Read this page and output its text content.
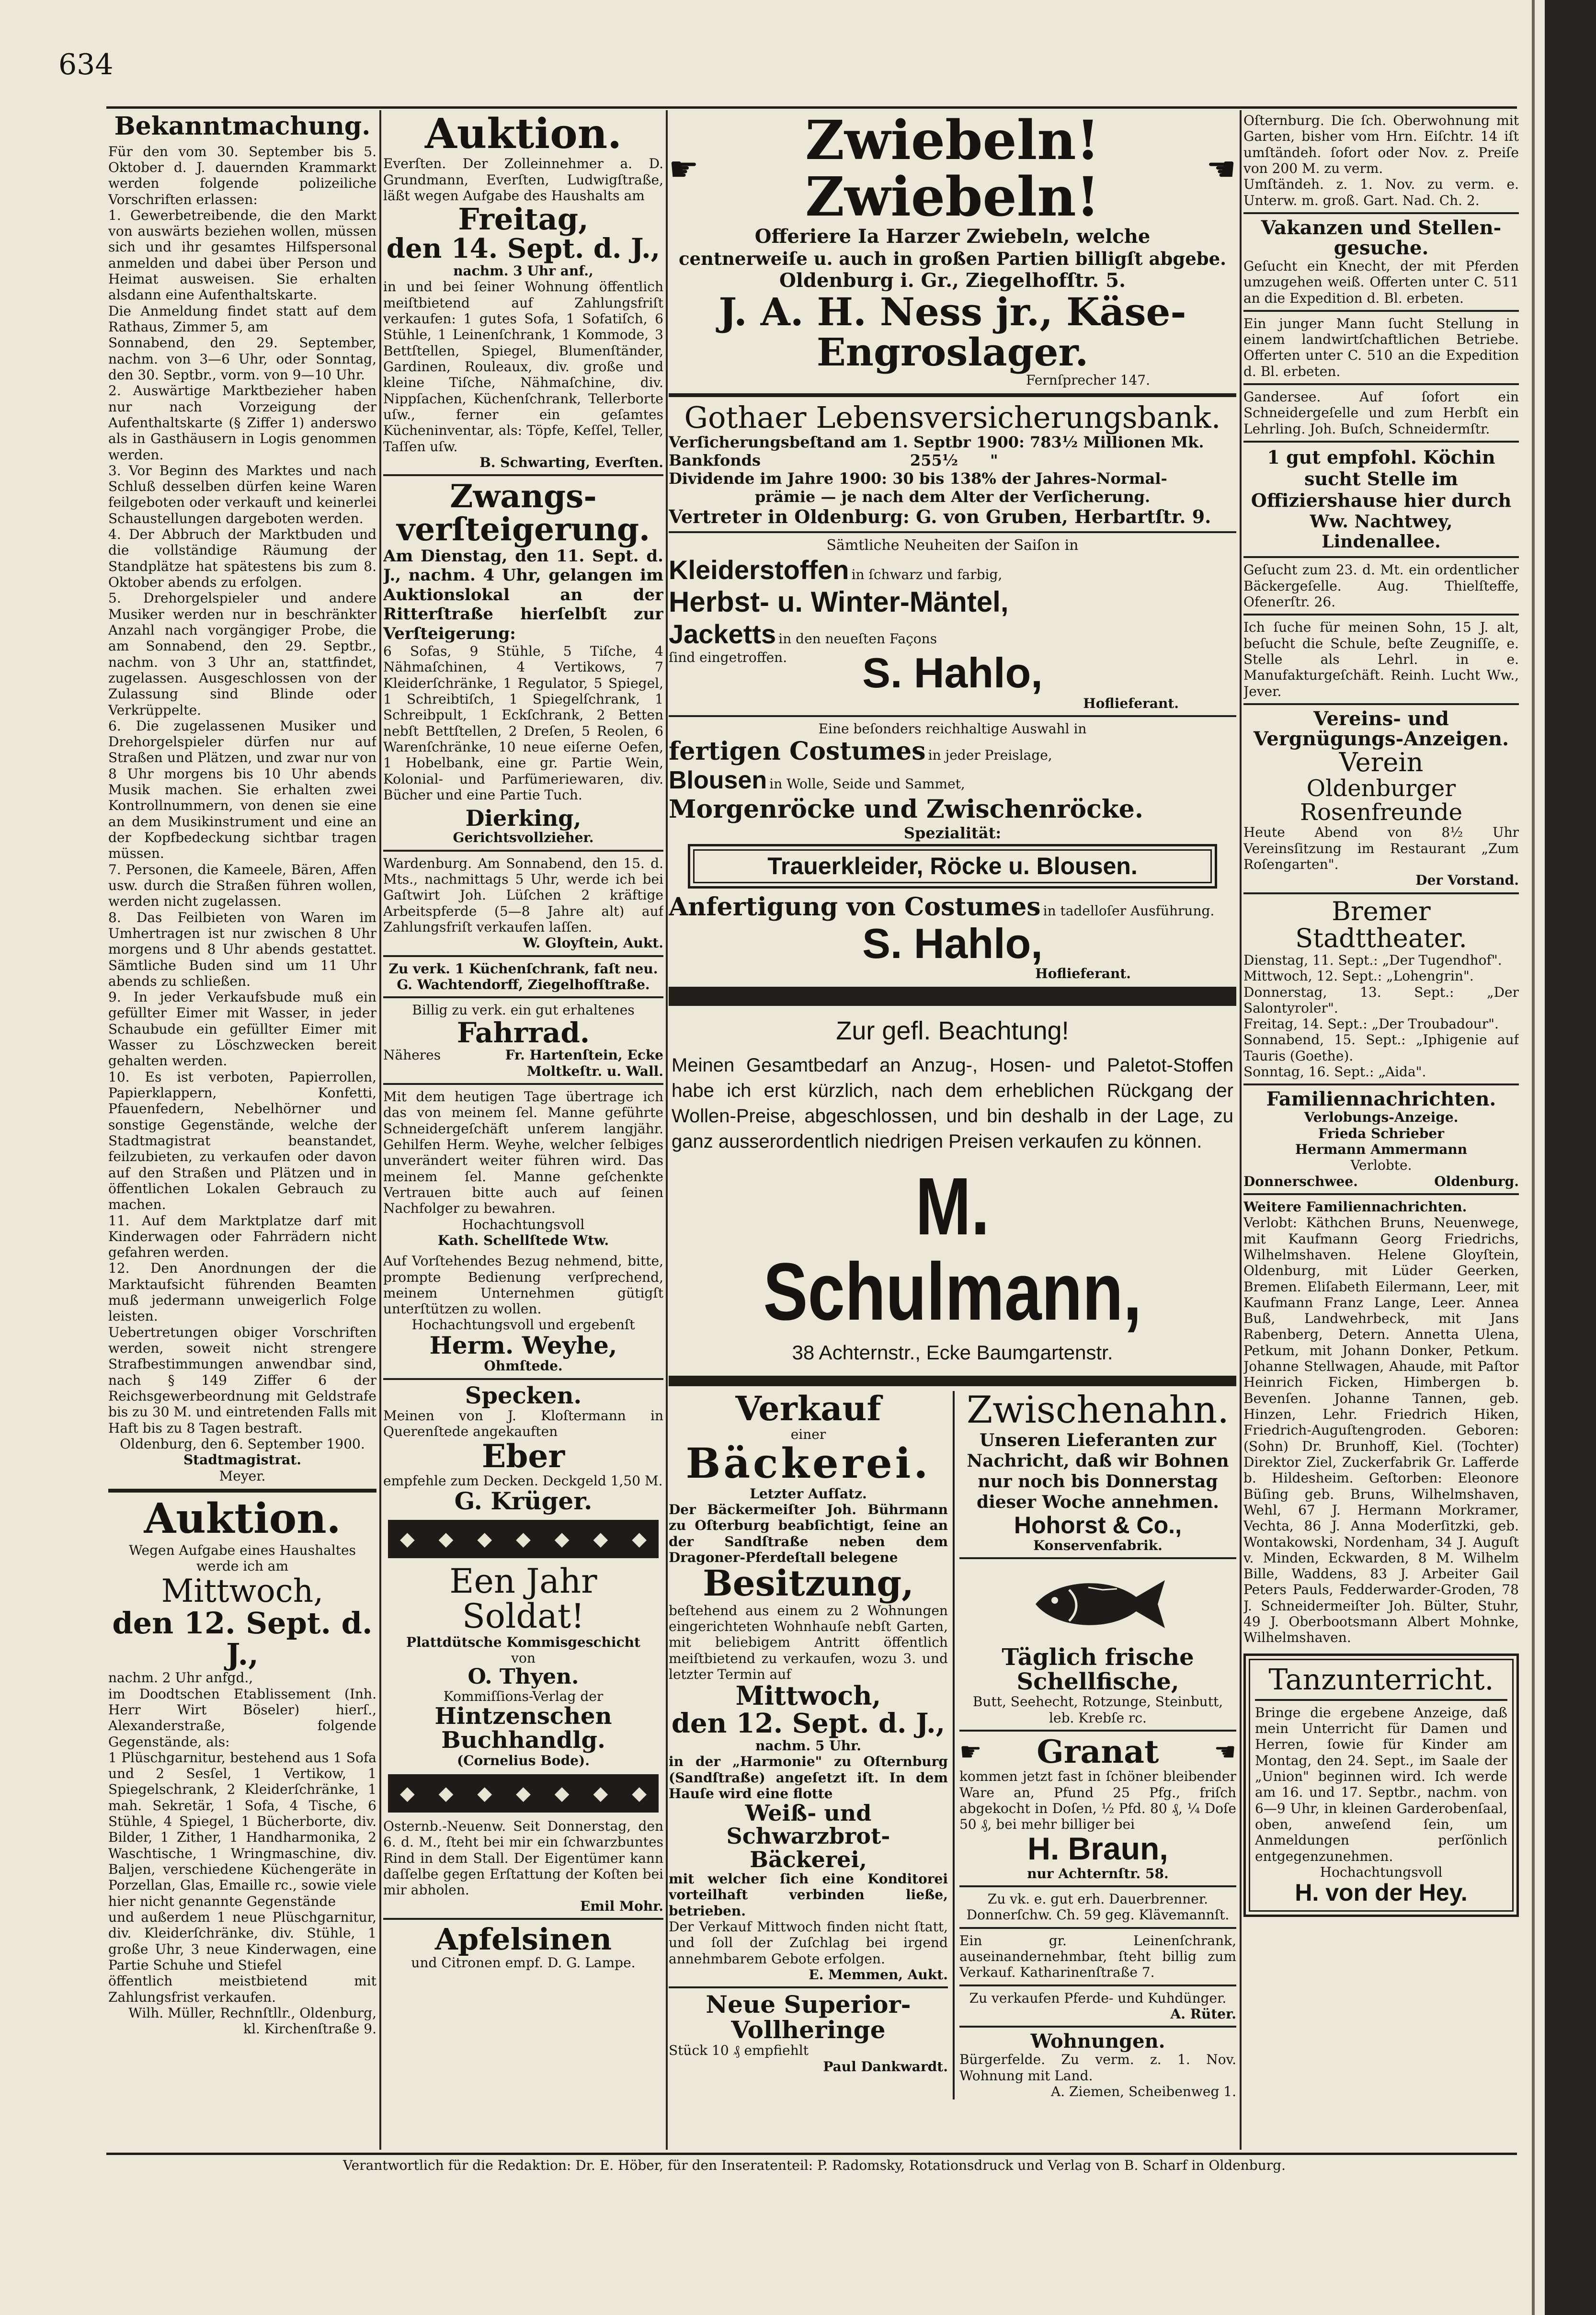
634
Verantwortlich für die Redaktion: Dr. E. Höber, für den Inseratenteil: P. Radomsky, Rotationsdruck und Verlag von B. Scharf in Oldenburg.
Bekanntmachung.

Für den vom 30. September bis 5. Oktober d. J. dauernden Krammarkt werden folgende polizeiliche Vorschriften erlassen:

1. Gewerbetreibende, die den Markt von auswärts beziehen wollen, müssen sich und ihr gesamtes Hilfspersonal anmelden und dabei über Person und Heimat ausweisen. Sie erhalten alsdann eine Aufenthaltskarte.

Die Anmeldung findet statt auf dem Rathaus, Zimmer 5, am

Sonnabend, den 29. September, nachm. von 3—6 Uhr, oder Sonntag, den 30. Septbr., vorm. von 9—10 Uhr.

2. Auswärtige Marktbezieher haben nur nach Vorzeigung der Aufenthaltskarte (§ Ziffer 1) anderswo als in Gasthäusern in Logis genommen werden.

3. Vor Beginn des Marktes und nach Schluß desselben dürfen keine Waren feilgeboten oder verkauft und keinerlei Schaustellungen dargeboten werden.

4. Der Abbruch der Marktbuden und die vollständige Räumung der Standplätze hat spätestens bis zum 8. Oktober abends zu erfolgen.

5. Drehorgelspieler und andere Musiker werden nur in beschränkter Anzahl nach vorgängiger Probe, die am Sonnabend, den 29. Septbr., nachm. von 3 Uhr an, stattfindet, zugelassen. Ausgeschlossen von der Zulassung sind Blinde oder Verkrüppelte.

6. Die zugelassenen Musiker und Drehorgelspieler dürfen nur auf Straßen und Plätzen, und zwar nur von 8 Uhr morgens bis 10 Uhr abends Musik machen. Sie erhalten zwei Kontrollnummern, von denen sie eine an dem Musikinstrument und eine an der Kopfbedeckung sichtbar tragen müssen.

7. Personen, die Kameele, Bären, Affen usw. durch die Straßen führen wollen, werden nicht zugelassen.

8. Das Feilbieten von Waren im Umhertragen ist nur zwischen 8 Uhr morgens und 8 Uhr abends gestattet. Sämtliche Buden sind um 11 Uhr abends zu schließen.

9. In jeder Verkaufsbude muß ein gefüllter Eimer mit Wasser, in jeder Schaubude ein gefüllter Eimer mit Wasser zu Löschzwecken bereit gehalten werden.

10. Es ist verboten, Papierrollen, Papierklappern, Konfetti, Pfauenfedern, Nebelhörner und sonstige Gegenstände, welche der Stadtmagistrat beanstandet, feilzubieten, zu verkaufen oder davon auf den Straßen und Plätzen und in öffentlichen Lokalen Gebrauch zu machen.

11. Auf dem Marktplatze darf mit Kinderwagen oder Fahrrädern nicht gefahren werden.

12. Den Anordnungen der die Marktaufsicht führenden Beamten muß jedermann unweigerlich Folge leisten.

Uebertretungen obiger Vorschriften werden, soweit nicht strengere Strafbestimmungen anwendbar sind, nach § 149 Ziffer 6 der Reichsgewerbeordnung mit Geldstrafe bis zu 30 M. und eintretenden Falls mit Haft bis zu 8 Tagen bestraft.

Oldenburg, den 6. September 1900.
Stadtmagistrat.
Meyer.
Auktion.
Wegen Aufgabe eines Haushaltes werde ich am
Mittwoch,
den 12. Sept. d. J.,

nachm. 2 Uhr anfgd.,

im Doodtschen Etablissement (Inh. Herr Wirt Böseler) hierſ., Alexanderstraße, folgende Gegenstände, als:

1 Plüschgarnitur, bestehend aus 1 Sofa und 2 Sesſel, 1 Vertikow, 1 Spiegelschrank, 2 Kleiderſchränke, 1 mah. Sekretär, 1 Sofa, 4 Tische, 6 Stühle, 4 Spiegel, 1 Bücherborte, div. Bilder, 1 Zither, 1 Handharmonika, 2 Waschtische, 1 Wringmaschine, div. Baljen, verschiedene Küchengeräte in Porzellan, Glas, Emaille rc., sowie viele hier nicht genannte Gegenstände

und außerdem 1 neue Plüschgarnitur, div. Kleiderſchränke, div. Stühle, 1 große Uhr, 3 neue Kinderwagen, eine Partie Schuhe und Stiefel

öffentlich meistbietend mit Zahlungsfrist verkaufen.

Wilh. Müller, Rechnſtllr., Oldenburg, kl. Kirchenſtraße 9.
Auktion.
Everſten. Der Zolleinnehmer a. D. Grundmann, Everſten, Ludwigſtraße, läßt wegen Aufgabe des Haushalts am
Freitag,
den 14. Sept. d. J.,
nachm. 3 Uhr anf.,
in und bei ſeiner Wohnung öffentlich meiſtbietend auf Zahlungsfriſt verkaufen: 1 gutes Sofa, 1 Sofatiſch, 6 Stühle, 1 Leinenſchrank, 1 Kommode, 3 Bettſtellen, Spiegel, Blumenſtänder, Gardinen, Rouleaux, div. große und kleine Tiſche, Nähmaſchine, div. Nippſachen, Küchenſchrank, Tellerborte uſw., ferner ein geſamtes Kücheninventar, als: Töpfe, Keſſel, Teller, Taſſen uſw.
B. Schwarting, Everſten.
Zwangs-
verſteigerung.
Am Dienstag, den 11. Sept. d. J., nachm. 4 Uhr, gelangen im Auktionslokal an der Ritterſtraße hierſelbſt zur Verſteigerung:
6 Sofas, 9 Stühle, 5 Tiſche, 4 Nähmaſchinen, 4 Vertikows, 7 Kleiderſchränke, 1 Regulator, 5 Spiegel, 1 Schreibtiſch, 1 Spiegelſchrank, 1 Schreibpult, 1 Eckſchrank, 2 Betten nebſt Bettſtellen, 2 Dreſen, 5 Reolen, 6 Warenſchränke, 10 neue eiſerne Oefen, 1 Hobelbank, eine gr. Partie Wein, Kolonial- und Parfümeriewaren, div. Bücher und eine Partie Tuch.
Dierking,
Gerichtsvollzieher.
Wardenburg. Am Sonnabend, den 15. d. Mts., nachmittags 5 Uhr, werde ich bei Gaſtwirt Joh. Lüſchen 2 kräftige Arbeitspferde (5—8 Jahre alt) auf Zahlungsfriſt verkaufen laſſen.
W. Gloyſtein, Aukt.
Zu verk. 1 Küchenſchrank, faſt neu.
G. Wachtendorff, Ziegelhofſtraße.
Billig zu verk. ein gut erhaltenes
Fahrrad.
Näheres	Fr. Hartenſtein, Ecke Moltkeſtr. u. Wall.
Mit dem heutigen Tage übertrage ich das von meinem ſel. Manne geführte Schneidergeſchäft unſerem langjähr. Gehilfen Herm. Weyhe, welcher ſelbiges unverändert weiter führen wird. Das meinem ſel. Manne geſchenkte Vertrauen bitte auch auf ſeinen Nachfolger zu bewahren.
Hochachtungsvoll
Kath. Schellſtede Wtw.
Auf Vorſtehendes Bezug nehmend, bitte, prompte Bedienung verſprechend, meinem Unternehmen gütigſt unterſtützen zu wollen.
Hochachtungsvoll und ergebenſt
Herm. Weyhe,
Ohmſtede.
Specken.
Meinen von J. Kloſtermann in Querenſtede angekauften
Eber
empfehle zum Decken. Deckgeld 1,50 M.
G. Krüger.
◆ ◆ ◆ ◆ ◆ ◆ ◆
Een Jahr Soldat!
Plattdütsche Kommisgeschicht
von
O. Thyen.
Kommiſſions-Verlag der
Hintzenschen Buchhandlg.
(Cornelius Bode).
◆ ◆ ◆ ◆ ◆ ◆ ◆
Osternb.-Neuenw. Seit Donnerstag, den 6. d. M., ſteht bei mir ein ſchwarzbuntes Rind in dem Stall. Der Eigentümer kann daſſelbe gegen Erſtattung der Koſten bei mir abholen.
Emil Mohr.
Apfelsinen
und Citronen empf. D. G. Lampe.
☛	Zwiebeln! Zwiebeln!	☚
Offeriere Ia Harzer Zwiebeln, welche
centnerweiſe u. auch in großen Partien billigſt abgebe.
Oldenburg i. Gr., Ziegelhofſtr. 5.
J. A. H. Ness jr., Käse-Engroslager.
Fernſprecher 147.
Gothaer Lebensversicherungsbank.
Verſicherungsbeſtand am 1. Septbr 1900: 783½ Millionen Mk.
Bankfonds                            255½      "
Dividende im Jahre 1900: 30 bis 138% der Jahres-Normal-
prämie — je nach dem Alter der Verſicherung.
Vertreter in Oldenburg: G. von Gruben, Herbartſtr. 9.
Sämtliche Neuheiten der Saiſon in
Kleiderstoffen in ſchwarz und farbig,
Herbst- u. Winter-Mäntel,
Jacketts in den neueſten Façons
ſind eingetroffen.	S. Hahlo,
Hoflieferant.
Eine beſonders reichhaltige Auswahl in
fertigen Costumes in jeder Preislage,
Blousen in Wolle, Seide und Sammet,
Morgenröcke und Zwischenröcke.
Spezialität:
Trauerkleider, Röcke u. Blousen.
Anfertigung von Costumes in tadelloſer Ausführung.
S. Hahlo,
Hoflieferant.
Zur gefl. Beachtung!
Meinen Gesamtbedarf an Anzug-, Hosen- und Paletot-Stoffen habe ich erst kürzlich, nach dem erheblichen Rückgang der Wollen-Preise, abgeschlossen, und bin deshalb in der Lage, zu ganz ausserordentlich niedrigen Preisen verkaufen zu können.
M. Schulmann,
38 Achternstr., Ecke Baumgartenstr.
Verkauf
einer
Bäckerei.
Letzter Aufſatz.
Der Bäckermeiſter Joh. Bührmann zu Oſterburg beabſichtigt, ſeine an der Sandſtraße neben dem Dragoner-Pferdeſtall belegene
Besitzung,
beſtehend aus einem zu 2 Wohnungen eingerichteten Wohnhauſe nebſt Garten, mit beliebigem Antritt öffentlich meiſtbietend zu verkaufen, wozu 3. und letzter Termin auf
Mittwoch,
den 12. Sept. d. J.,
nachm. 5 Uhr.
in der „Harmonie" zu Oſternburg (Sandſtraße) angeſetzt iſt. In dem Hauſe wird eine flotte
Weiß- und Schwarzbrot-
Bäckerei,
mit welcher ſich eine Konditorei vorteilhaft verbinden ließe, betrieben.
Der Verkauf Mittwoch finden nicht ſtatt, und ſoll der Zuſchlag bei irgend annehmbarem Gebote erfolgen.
E. Memmen, Aukt.
Neue Superior-Vollheringe
Stück 10 ₰ empfiehlt
Paul Dankwardt.
Zwischenahn.
Unseren Lieferanten zur Nachricht, daß wir Bohnen nur noch bis Donnerstag dieser Woche annehmen.
Hohorst & Co.,
Konservenfabrik.
Täglich frische Schellfische,
Butt, Seehecht, Rotzunge, Steinbutt, leb. Krebſe rc.
☛ Granat ☚
kommen jetzt fast in ſchöner bleibender Ware an, Pfund 25 Pfg., friſch abgekocht in Doſen, ½ Pfd. 80 ₰, ¼ Doſe 50 ₰, bei mehr billiger bei
H. Braun,
nur Achternſtr. 58.
Zu vk. e. gut erh. Dauerbrenner. Donnerſchw. Ch. 59 geg. Klävemannſt.
Ein gr. Leinenſchrank, auseinandernehmbar, ſteht billig zum Verkauf. Katharinenſtraße 7.
Zu verkaufen Pferde- und Kuhdünger.
A. Rüter.
Wohnungen.
Bürgerfelde. Zu verm. z. 1. Nov. Wohnung mit Land.
A. Ziemen, Scheibenweg 1.
Oſternburg. Die ſch. Oberwohnung mit Garten, bisher vom Hrn. Eiſchtr. 14 iſt umſtändeh. ſofort oder Nov. z. Preiſe von 200 M. zu verm.
Umſtändeh. z. 1. Nov. zu verm. e. Unterw. m. groß. Gart. Nad. Ch. 2.
Vakanzen und Stellen-
gesuche.
Geſucht ein Knecht, der mit Pferden umzugehen weiß. Offerten unter C. 511 an die Expedition d. Bl. erbeten.
Ein junger Mann ſucht Stellung in einem landwirtſchaftlichen Betriebe. Offerten unter C. 510 an die Expedition d. Bl. erbeten.
Gandersee. Auf ſofort ein Schneidergeſelle und zum Herbſt ein Lehrling. Joh. Buſch, Schneidermſtr.
1 gut empfohl. Köchin sucht Stelle im Offiziershause hier durch
Ww. Nachtwey,
Lindenallee.
Geſucht zum 23. d. Mt. ein ordentlicher Bäckergeſelle. Aug. Thielſteffe, Ofenerſtr. 26.
Ich ſuche für meinen Sohn, 15 J. alt, beſucht die Schule, beſte Zeugniſſe, e. Stelle als Lehrl. in e. Manufakturgeſchäft. Reinh. Lucht Ww., Jever.
Vereins- und
Vergnügungs-Anzeigen.
Verein
Oldenburger Rosenfreunde
Heute Abend von 8½ Uhr Vereinsſitzung im Restaurant „Zum Roſengarten".
Der Vorstand.
Bremer Stadttheater.

Dienstag, 11. Sept.: „Der Tugendhof".

Mittwoch, 12. Sept.: „Lohengrin".

Donnerstag, 13. Sept.: „Der Salontyroler".

Freitag, 14. Sept.: „Der Troubadour".

Sonnabend, 15. Sept.: „Iphigenie auf Tauris (Goethe).

Sonntag, 16. Sept.: „Aida".

Familiennachrichten.
Verlobungs-Anzeige.
Frieda Schrieber
Hermann Ammermann
Verlobte.
Donnerschwee.	Oldenburg.
Weitere Familiennachrichten.
Verlobt: Käthchen Bruns, Neuenwege, mit Kaufmann Georg Friedrichs, Wilhelmshaven. Helene Gloyſtein, Oldenburg, mit Lüder Geerken, Bremen. Eliſabeth Eilermann, Leer, mit Kaufmann Franz Lange, Leer. Annea Buß, Landwehrbeck, mit Jans Rabenberg, Detern. Annetta Ulena, Petkum, mit Johann Donker, Petkum. Johanne Stellwagen, Ahaude, mit Paſtor Heinrich Ficken, Himbergen b. Bevenſen. Johanne Tannen, geb. Hinzen, Lehr. Friedrich Hiken, Friedrich-Auguſtengroden. Geboren: (Sohn) Dr. Brunhoff, Kiel. (Tochter) Direktor Ziel, Zuckerfabrik Gr. Lafferde b. Hildesheim. Geſtorben: Eleonore Büſing geb. Bruns, Wilhelmshaven, Wehl, 67 J. Hermann Morkramer, Vechta, 86 J. Anna Moderſitzki, geb. Wontakowski, Nordenham, 34 J. Auguſt v. Minden, Eckwarden, 8 M. Wilhelm Bille, Waddens, 83 J. Arbeiter Gail Peters Pauls, Fedderwarder-Groden, 78 J. Schneidermeiſter Joh. Bülter, Stuhr, 49 J. Oberbootsmann Albert Mohnke, Wilhelmshaven.
Tanzunterricht.
Bringe die ergebene Anzeige, daß mein Unterricht für Damen und Herren, ſowie für Kinder am Montag, den 24. Sept., im Saale der „Union" beginnen wird. Ich werde am 16. und 17. Septbr., nachm. von 6—9 Uhr, in kleinen Garderobenſaal, oben, anweſend ſein, um Anmeldungen perſönlich entgegenzunehmen.
Hochachtungsvoll
H. von der Hey.
